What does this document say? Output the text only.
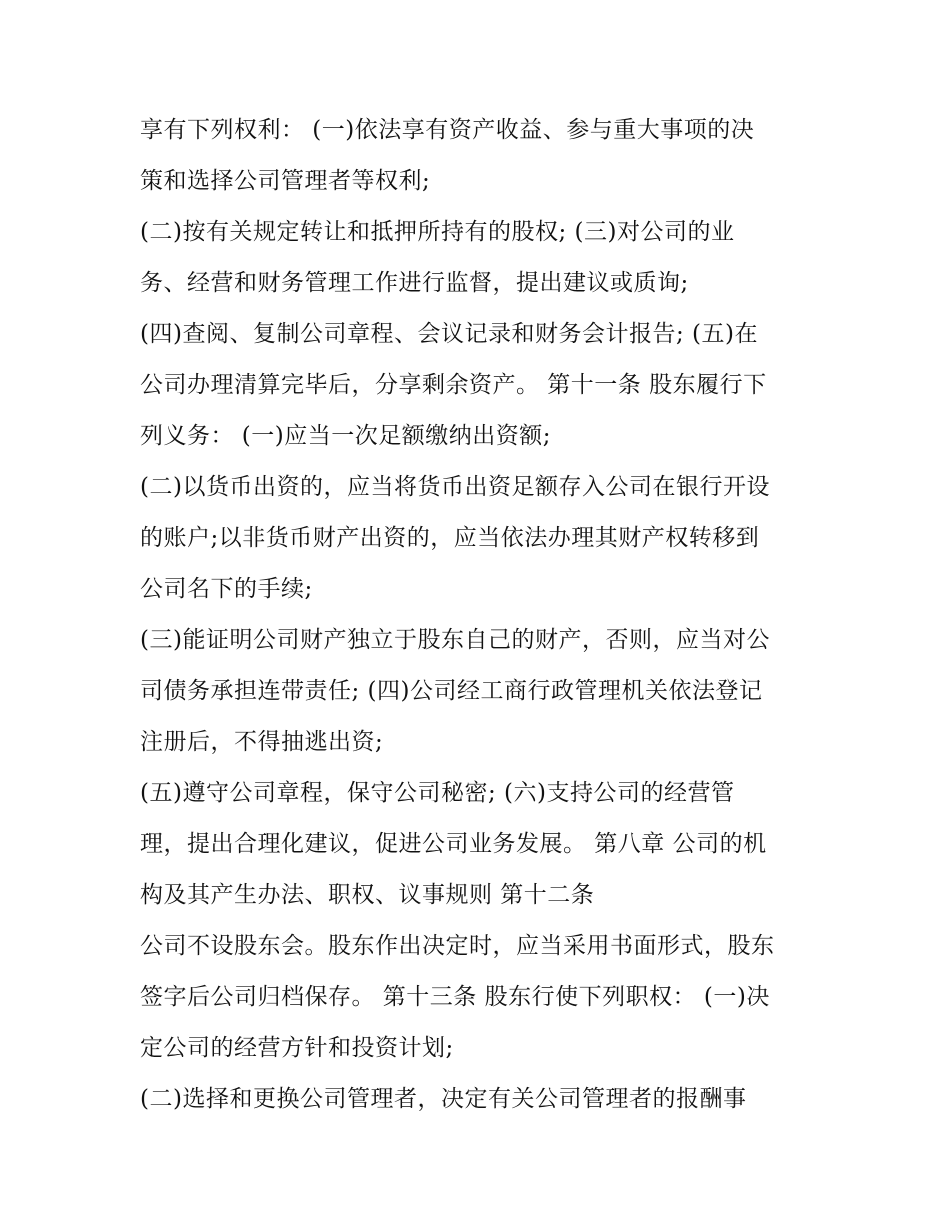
享有下列权利： (一)依法享有资产收益、参与重大事项的决
策和选择公司管理者等权利;
(二)按有关规定转让和抵押所持有的股权; (三)对公司的业
务、经营和财务管理工作进行监督，提出建议或质询;
(四)查阅、复制公司章程、会议记录和财务会计报告; (五)在
公司办理清算完毕后，分享剩余资产。 第十一条 股东履行下
列义务： (一)应当一次足额缴纳出资额;
(二)以货币出资的，应当将货币出资足额存入公司在银行开设
的账户;以非货币财产出资的，应当依法办理其财产权转移到
公司名下的手续;
(三)能证明公司财产独立于股东自己的财产，否则，应当对公
司债务承担连带责任; (四)公司经工商行政管理机关依法登记
注册后，不得抽逃出资;
(五)遵守公司章程，保守公司秘密; (六)支持公司的经营管
理，提出合理化建议，促进公司业务发展。 第八章 公司的机
构及其产生办法、职权、议事规则 第十二条
公司不设股东会。股东作出决定时，应当采用书面形式，股东
签字后公司归档保存。 第十三条 股东行使下列职权： (一)决
定公司的经营方针和投资计划;
(二)选择和更换公司管理者，决定有关公司管理者的报酬事
